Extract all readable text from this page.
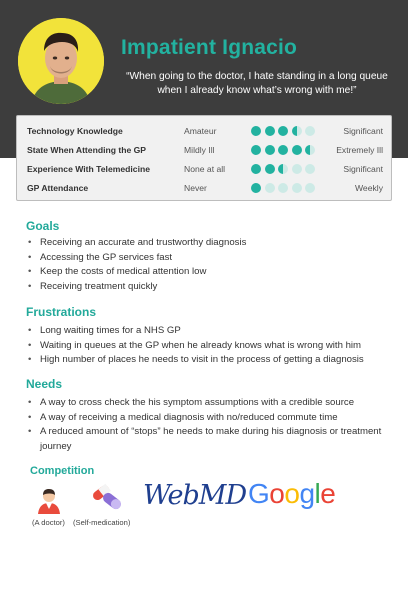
Impatient Ignacio
“When going to the doctor, I hate standing in a long queue when I already know what’s wrong with me!”
Technology Knowledge	Amateur	Significant
State When Attending the GP	Mildly Ill	Extremely Ill
Experience With Telemedicine	None at all	Significant
GP Attendance	Never	Weekly
Goals
• Receiving an accurate and trustworthy diagnosis
• Accessing the GP services fast
• Keep the costs of medical attention low
• Receiving treatment quickly
Frustrations
• Long waiting times for a NHS GP
• Waiting in queues at the GP when he already knows what is wrong with him
• High number of places he needs to visit in the process of getting a diagnosis
Needs
• A way to cross check the his symptom assumptions with a credible source
• A way of receiving a medical diagnosis with no/reduced commute time
• A reduced amount of “stops” he needs to make during his diagnosis or treatment journey
Competition
WebMD Google
(A doctor) (Self-medication)
